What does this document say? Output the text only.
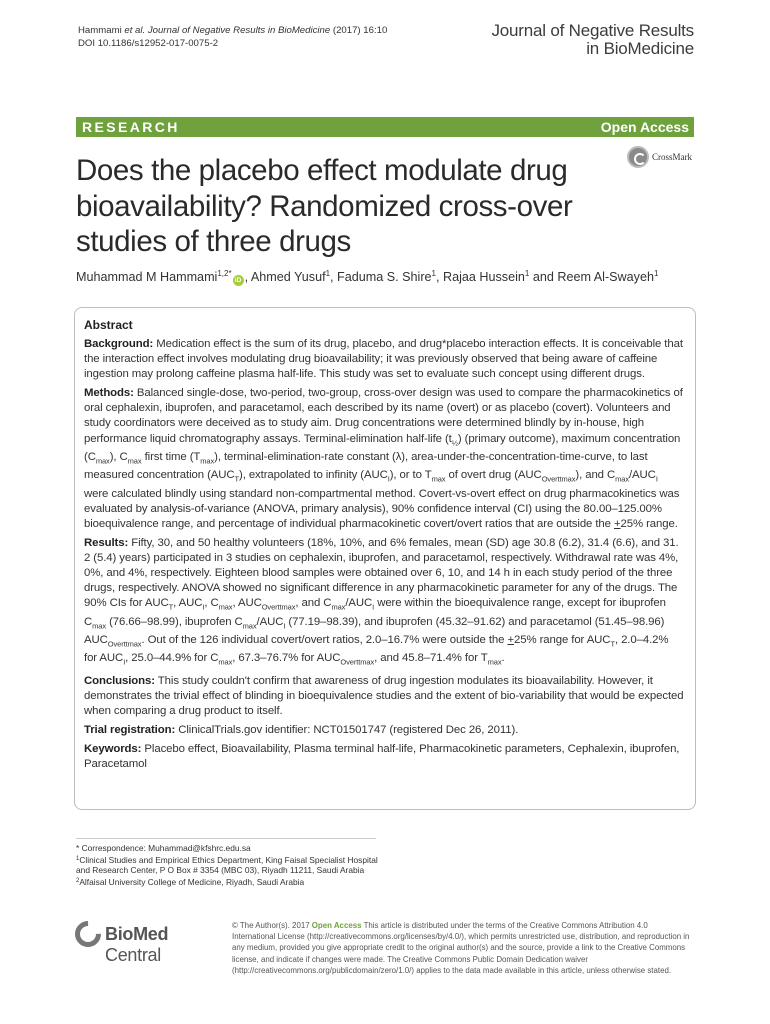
Hammami et al. Journal of Negative Results in BioMedicine (2017) 16:10
DOI 10.1186/s12952-017-0075-2
Journal of Negative Results
in BioMedicine
RESEARCH	Open Access
Does the placebo effect modulate drug bioavailability? Randomized cross-over studies of three drugs
CrossMark
Muhammad M Hammami$^{1,2*}$iD , Ahmed Yusuf$^1$, Faduma S. Shire$^1$, Rajaa Hussein$^1$ and Reem Al-Swayeh$^1$
Abstract

Background: Medication effect is the sum of its drug, placebo, and drug*placebo interaction effects. It is conceivable that the interaction effect involves modulating drug bioavailability; it was previously observed that being aware of caffeine ingestion may prolong caffeine plasma half-life. This study was set to evaluate such concept using different drugs.

Methods: Balanced single-dose, two-period, two-group, cross-over design was used to compare the pharmacokinetics of oral cephalexin, ibuprofen, and paracetamol, each described by its name (overt) or as placebo (covert). Volunteers and study coordinators were deceived as to study aim. Drug concentrations were determined blindly by in-house, high performance liquid chromatography assays. Terminal-elimination half-life $(t_{\frac{1}{2}})$ (primary outcome), maximum concentration $(C_{max})$, $C_{max}$ first time $(T_{max})$, terminal-elimination-rate constant (λ), area-under-the-concentration-time-curve, to last measured concentration $(AUC_T)$, extrapolated to infinity $(AUC_I)$, or to $T_{max}$ of overt drug $(AUC_{Overttmax})$, and $C_{max}/AUC_I$ were calculated blindly using standard non-compartmental method. Covert-vs-overt effect on drug pharmacokinetics was evaluated by analysis-of-variance (ANOVA, primary analysis), 90% confidence interval (CI) using the 80.00–125.00% bioequivalence range, and percentage of individual pharmacokinetic covert/overt ratios that are outside the +25% range.

Results: Fifty, 30, and 50 healthy volunteers (18%, 10%, and 6% females, mean (SD) age 30.8 (6.2), 31.4 (6.6), and 31. 2 (5.4) years) participated in 3 studies on cephalexin, ibuprofen, and paracetamol, respectively. Withdrawal rate was 4%, 0%, and 4%, respectively. Eighteen blood samples were obtained over 6, 10, and 14 h in each study period of the three drugs, respectively. ANOVA showed no significant difference in any pharmacokinetic parameter for any of the drugs. The 90% CIs for $AUC_T$, $AUC_I$, $C_{max}$, $AUC_{Overttmax}$, and $C_{max}/AUC_I$ were within the bioequivalence range, except for ibuprofen $C_{max}$ (76.66–98.99), ibuprofen $C_{max}/AUC_I$ (77.19–98.39), and ibuprofen (45.32–91.62) and paracetamol (51.45–98.96) $AUC_{Overttmax}$. Out of the 126 individual covert/overt ratios, 2.0–16.7% were outside the +25% range for $AUC_T$, 2.0–4.2% for $AUC_I$, 25.0–44.9% for $C_{max}$, 67.3–76.7% for $AUC_{Overttmax}$, and 45.8–71.4% for $T_{max}$.

Conclusions: This study couldn't confirm that awareness of drug ingestion modulates its bioavailability. However, it demonstrates the trivial effect of blinding in bioequivalence studies and the extent of bio-variability that would be expected when comparing a drug product to itself.

Trial registration: ClinicalTrials.gov identifier: NCT01501747 (registered Dec 26, 2011).

Keywords: Placebo effect, Bioavailability, Plasma terminal half-life, Pharmacokinetic parameters, Cephalexin, ibuprofen, Paracetamol

* Correspondence: Muhammad@kfshrc.edu.sa
$^1$Clinical Studies and Empirical Ethics Department, King Faisal Specialist Hospital and Research Center, P O Box # 3354 (MBC 03), Riyadh 11211, Saudi Arabia
$^2$Alfaisal University College of Medicine, Riyadh, Saudi Arabia
BioMed Central
© The Author(s). 2017 Open Access This article is distributed under the terms of the Creative Commons Attribution 4.0 International License (http://creativecommons.org/licenses/by/4.0/), which permits unrestricted use, distribution, and reproduction in any medium, provided you give appropriate credit to the original author(s) and the source, provide a link to the Creative Commons license, and indicate if changes were made. The Creative Commons Public Domain Dedication waiver (http://creativecommons.org/publicdomain/zero/1.0/) applies to the data made available in this article, unless otherwise stated.
